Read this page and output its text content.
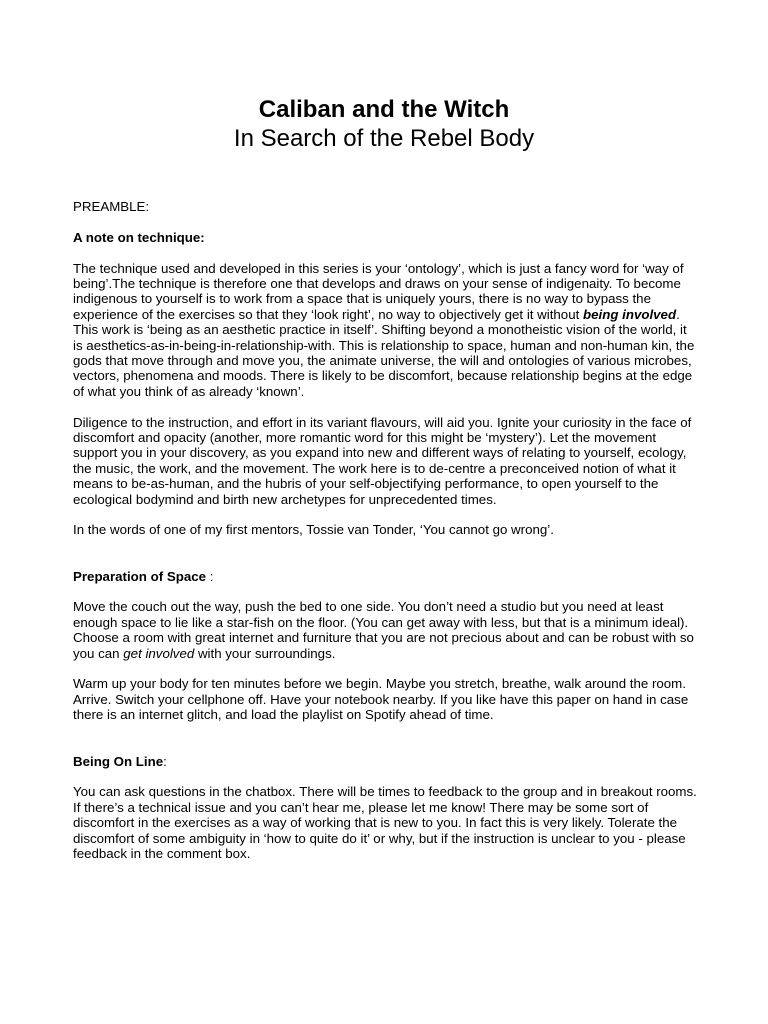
Caliban and the Witch
In Search of the Rebel Body

PREAMBLE:

A note on technique:

The technique used and developed in this series is your ‘ontology’, which is just a fancy word for ‘way of being’.The technique is therefore one that develops and draws on your sense of indigenaity. To become indigenous to yourself is to work from a space that is uniquely yours, there is no way to bypass the experience of the exercises so that they ‘look right’, no way to objectively get it without being involved. This work is ‘being as an aesthetic practice in itself’. Shifting beyond a monotheistic vision of the world, it is aesthetics-as-in-being-in-relationship-with. This is relationship to space, human and non-human kin, the gods that move through and move you, the animate universe, the will and ontologies of various microbes, vectors, phenomena and moods. There is likely to be discomfort, because relationship begins at the edge of what you think of as already ‘known’.

Diligence to the instruction, and effort in its variant flavours, will aid you. Ignite your curiosity in the face of discomfort and opacity (another, more romantic word for this might be ‘mystery’). Let the movement support you in your discovery, as you expand into new and different ways of relating to yourself, ecology, the music, the work, and the movement. The work here is to de-centre a preconceived notion of what it means to be-as-human, and the hubris of your self-objectifying performance, to open yourself to the ecological bodymind and birth new archetypes for unprecedented times.

In the words of one of my first mentors, Tossie van Tonder, ‘You cannot go wrong’.

Preparation of Space :

Move the couch out the way, push the bed to one side. You don’t need a studio but you need at least enough space to lie like a star-fish on the floor. (You can get away with less, but that is a minimum ideal). Choose a room with great internet and furniture that you are not precious about and can be robust with so you can get involved with your surroundings.

Warm up your body for ten minutes before we begin. Maybe you stretch, breathe, walk around the room. Arrive. Switch your cellphone off. Have your notebook nearby. If you like have this paper on hand in case there is an internet glitch, and load the playlist on Spotify ahead of time.

Being On Line:

You can ask questions in the chatbox. There will be times to feedback to the group and in breakout rooms. If there’s a technical issue and you can’t hear me, please let me know! There may be some sort of discomfort in the exercises as a way of working that is new to you. In fact this is very likely. Tolerate the discomfort of some ambiguity in ‘how to quite do it’ or why, but if the instruction is unclear to you - please feedback in the comment box.
